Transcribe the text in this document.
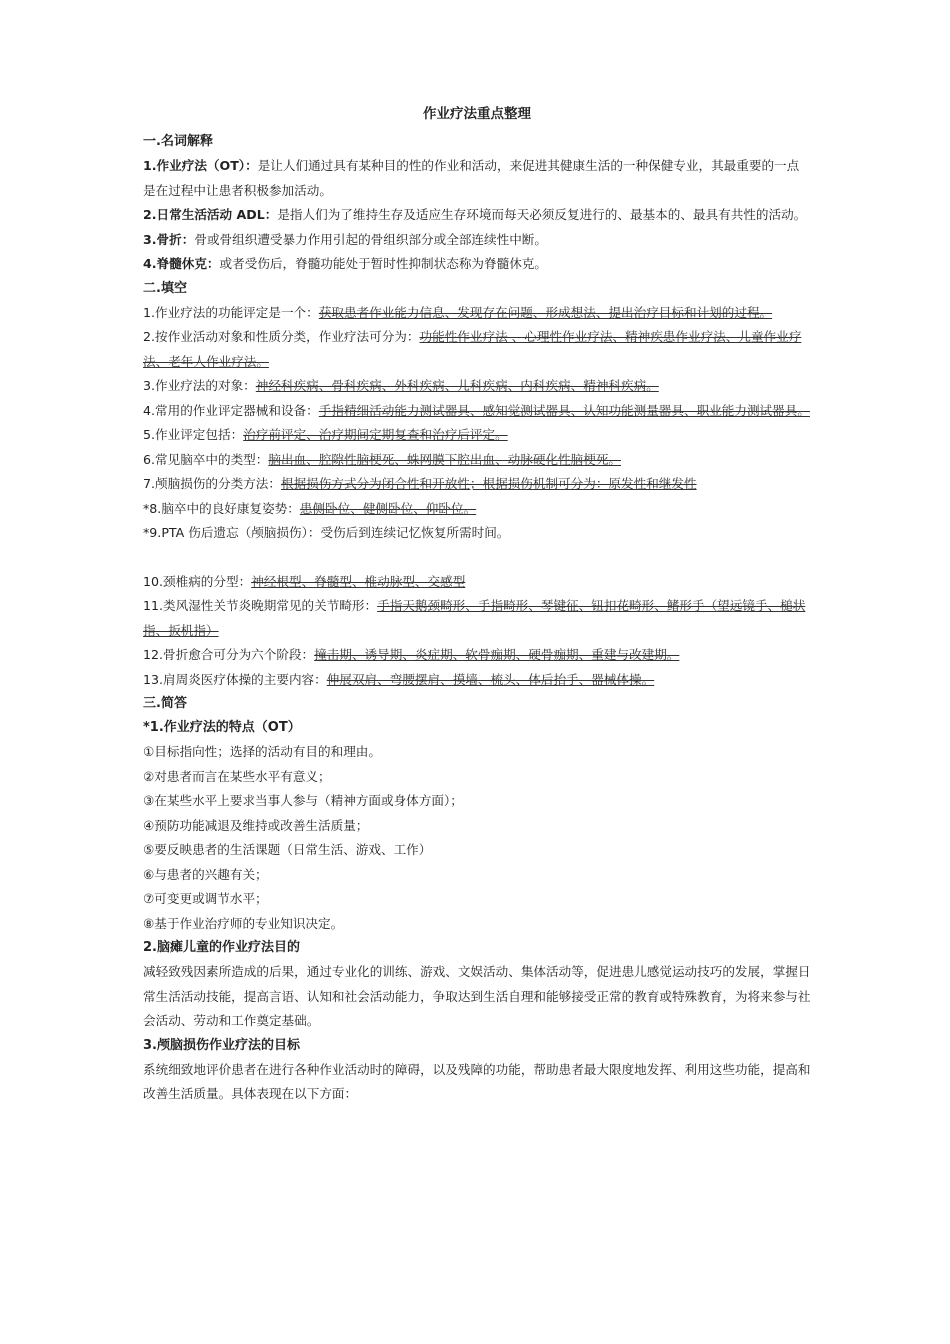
作业疗法重点整理
一.名词解释

1.作业疗法（OT）：是让人们通过具有某种目的性的作业和活动，来促进其健康生活的一种保健专业，其最重要的一点是在过程中让患者积极参加活动。

2.日常生活活动 ADL：是指人们为了维持生存及适应生存环境而每天必须反复进行的、最基本的、最具有共性的活动。

3.骨折：骨或骨组织遭受暴力作用引起的骨组织部分或全部连续性中断。

4.脊髓休克：或者受伤后，脊髓功能处于暂时性抑制状态称为脊髓休克。

二.填空

1.作业疗法的功能评定是一个：获取患者作业能力信息、发现存在问题、形成想法、提出治疗目标和计划的过程。

2.按作业活动对象和性质分类，作业疗法可分为：功能性作业疗法 、心理性作业疗法、精神疾患作业疗法、儿童作业疗法、老年人作业疗法。

3.作业疗法的对象：神经科疾病、骨科疾病、外科疾病、儿科疾病、内科疾病、精神科疾病。

4.常用的作业评定器械和设备：手指精细活动能力测试器具、感知觉测试器具、认知功能测量器具、职业能力测试器具。

5.作业评定包括：治疗前评定、治疗期间定期复查和治疗后评定。

6.常见脑卒中的类型：脑出血、腔隙性脑梗死、蛛网膜下腔出血、动脉硬化性脑梗死。

7.颅脑损伤的分类方法：根据损伤方式分为闭合性和开放性；根据损伤机制可分为：原发性和继发性

*8.脑卒中的良好康复姿势：患侧卧位、健侧卧位、仰卧位。

*9.PTA 伤后遗忘（颅脑损伤）：受伤后到连续记忆恢复所需时间。

10.颈椎病的分型：神经根型、脊髓型、椎动脉型、交感型

11.类风湿性关节炎晚期常见的关节畸形：手指天鹅颈畸形、手指畸形、琴键征、钮扣花畸形、鳍形手（望远镜手、槌状指、扳机指）

12.骨折愈合可分为六个阶段：撞击期、诱导期、炎症期、软骨痂期、硬骨痂期、重建与改建期。

13.肩周炎医疗体操的主要内容：伸展双肩、弯腰摆肩、摸墙、梳头、体后抬手、器械体操。

三.简答
*1.作业疗法的特点（OT）
①目标指向性；选择的活动有目的和理由。
②对患者而言在某些水平有意义；
③在某些水平上要求当事人参与（精神方面或身体方面）；
④预防功能减退及维持或改善生活质量；
⑤要反映患者的生活课题（日常生活、游戏、工作）
⑥与患者的兴趣有关；
⑦可变更或调节水平；
⑧基于作业治疗师的专业知识决定。
2.脑瘫儿童的作业疗法目的

减轻致残因素所造成的后果，通过专业化的训练、游戏、文娱活动、集体活动等，促进患儿感觉运动技巧的发展，掌握日常生活活动技能，提高言语、认知和社会活动能力，争取达到生活自理和能够接受正常的教育或特殊教育，为将来参与社会活动、劳动和工作奠定基础。

3.颅脑损伤作业疗法的目标

系统细致地评价患者在进行各种作业活动时的障碍，以及残障的功能，帮助患者最大限度地发挥、利用这些功能，提高和改善生活质量。具体表现在以下方面：
